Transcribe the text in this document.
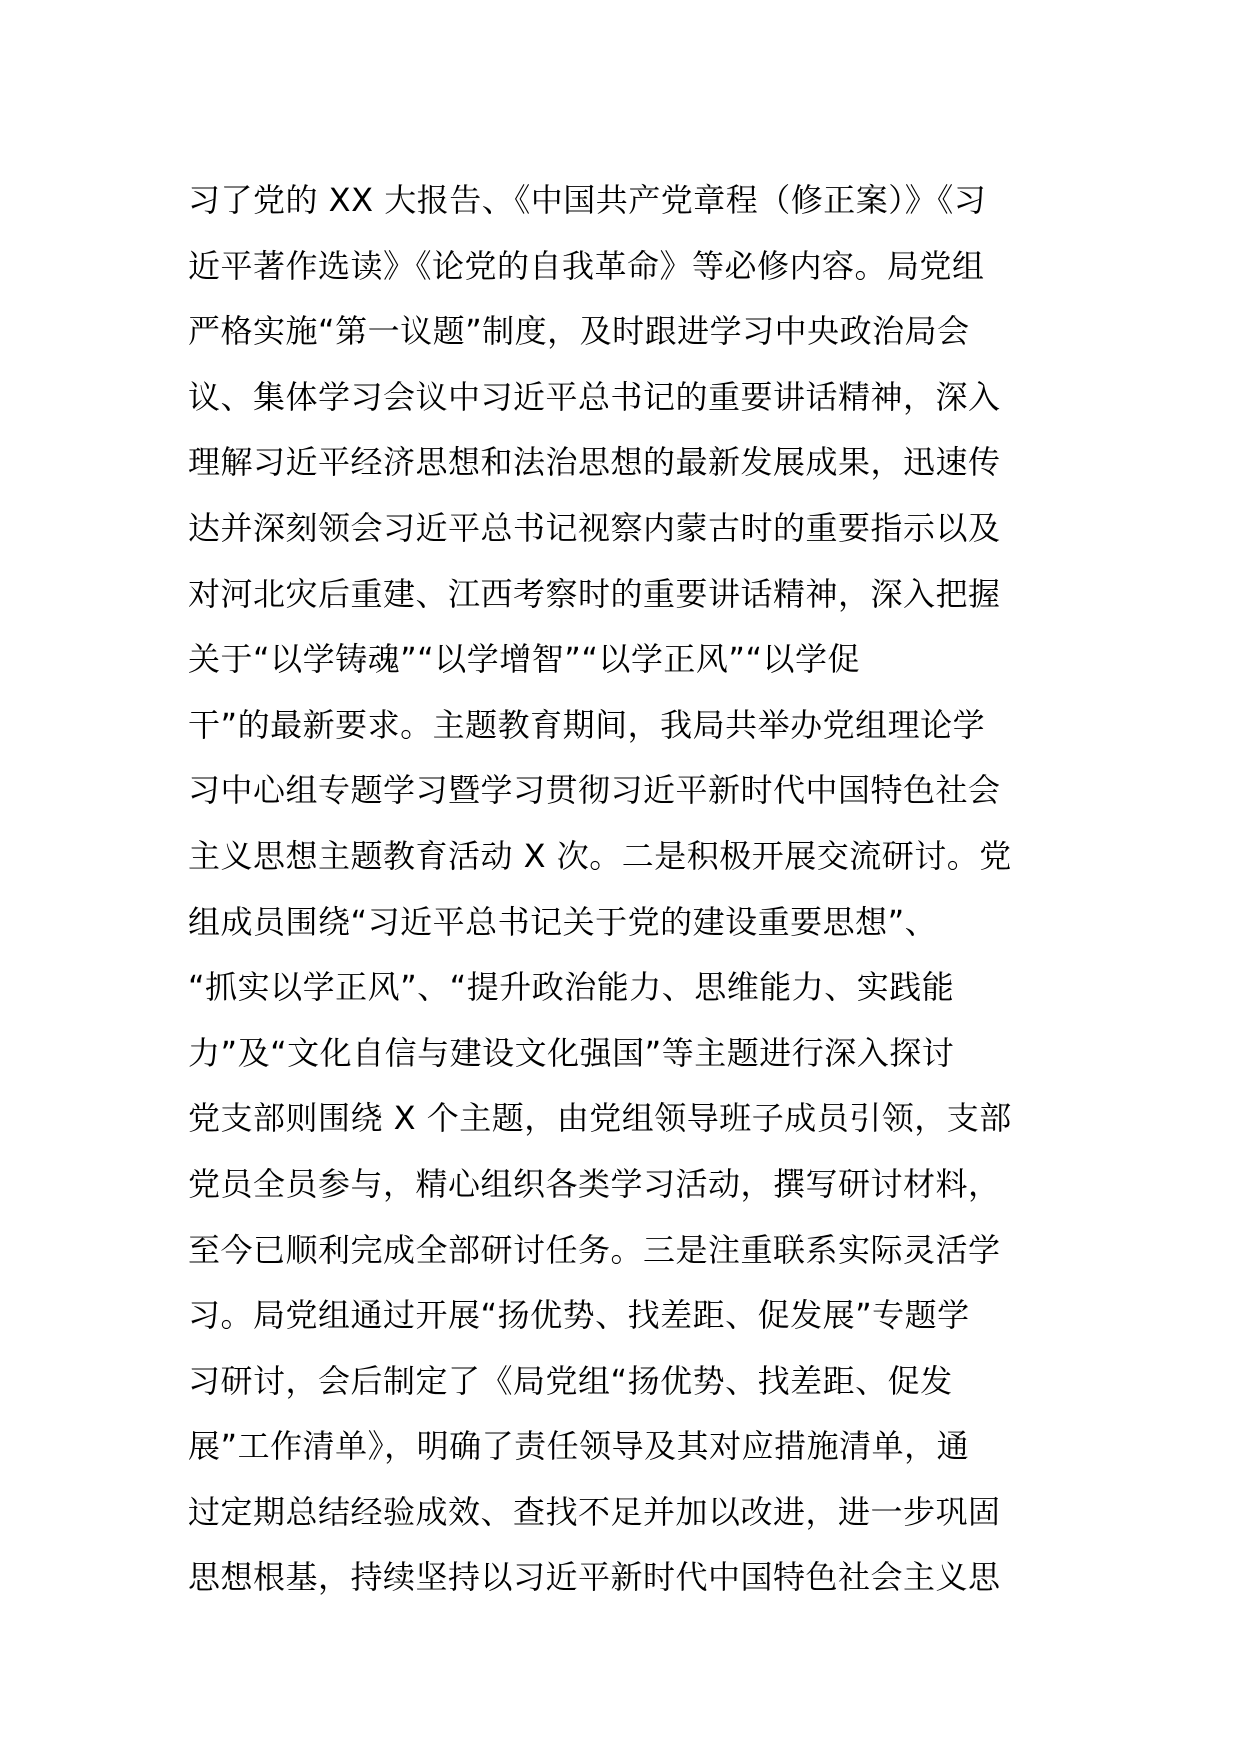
习了党的 XX 大报告、《中国共产党章程（修正案）》《习
近平著作选读》《论党的自我革命》等必修内容。局党组
严格实施“第一议题”制度，及时跟进学习中央政治局会
议、集体学习会议中习近平总书记的重要讲话精神，深入
理解习近平经济思想和法治思想的最新发展成果，迅速传
达并深刻领会习近平总书记视察内蒙古时的重要指示以及
对河北灾后重建、江西考察时的重要讲话精神，深入把握
关于“以学铸魂”“以学增智”“以学正风”“以学促
干”的最新要求。主题教育期间，我局共举办党组理论学
习中心组专题学习暨学习贯彻习近平新时代中国特色社会
主义思想主题教育活动 X 次。二是积极开展交流研讨。党
组成员围绕“习近平总书记关于党的建设重要思想”、
“抓实以学正风”、“提升政治能力、思维能力、实践能
力”及“文化自信与建设文化强国”等主题进行深入探讨
党支部则围绕 X 个主题，由党组领导班子成员引领，支部
党员全员参与，精心组织各类学习活动，撰写研讨材料，
至今已顺利完成全部研讨任务。三是注重联系实际灵活学
习。局党组通过开展“扬优势、找差距、促发展”专题学
习研讨，会后制定了《局党组“扬优势、找差距、促发
展”工作清单》，明确了责任领导及其对应措施清单，通
过定期总结经验成效、查找不足并加以改进，进一步巩固
思想根基，持续坚持以习近平新时代中国特色社会主义思
